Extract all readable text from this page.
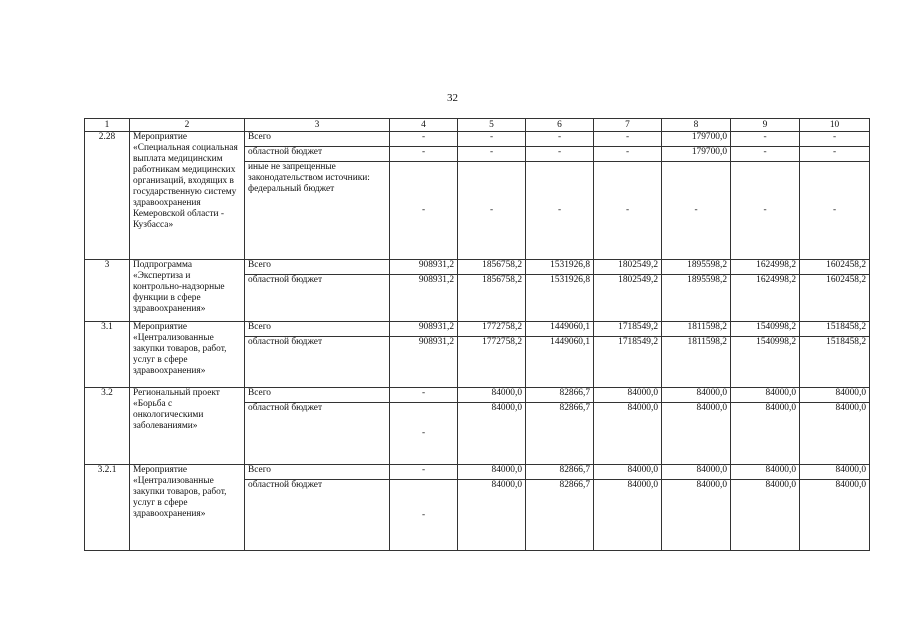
32
1	2	3	4	5	6	7	8	9	10
2.28	Мероприятие «Специальная социальная выплата медицинским работникам медицинских организаций, входящих в государственную систему здравоохранения Кемеровской области - Кузбасса»	Всего	-	-	-	-	179700,0	-	-
		областной бюджет	-	-	-	-	179700,0	-	-
		иные не запрещенные законодательством источники: федеральный бюджет	-	-	-	-	-	-	-
3	Подпрограмма «Экспертиза и контрольно-надзорные функции в сфере здравоохранения»	Всего	908931,2	1856758,2	1531926,8	1802549,2	1895598,2	1624998,2	1602458,2
		областной бюджет	908931,2	1856758,2	1531926,8	1802549,2	1895598,2	1624998,2	1602458,2
3.1	Мероприятие «Централизованные закупки товаров, работ, услуг в сфере здравоохранения»	Всего	908931,2	1772758,2	1449060,1	1718549,2	1811598,2	1540998,2	1518458,2
		областной бюджет	908931,2	1772758,2	1449060,1	1718549,2	1811598,2	1540998,2	1518458,2
3.2	Региональный проект «Борьба с онкологическими заболеваниями»	Всего	-	84000,0	82866,7	84000,0	84000,0	84000,0	84000,0
		областной бюджет	-	84000,0	82866,7	84000,0	84000,0	84000,0	84000,0
3.2.1	Мероприятие «Централизованные закупки товаров, работ, услуг в сфере здравоохранения»	Всего	-	84000,0	82866,7	84000,0	84000,0	84000,0	84000,0
		областной бюджет	-	84000,0	82866,7	84000,0	84000,0	84000,0	84000,0
